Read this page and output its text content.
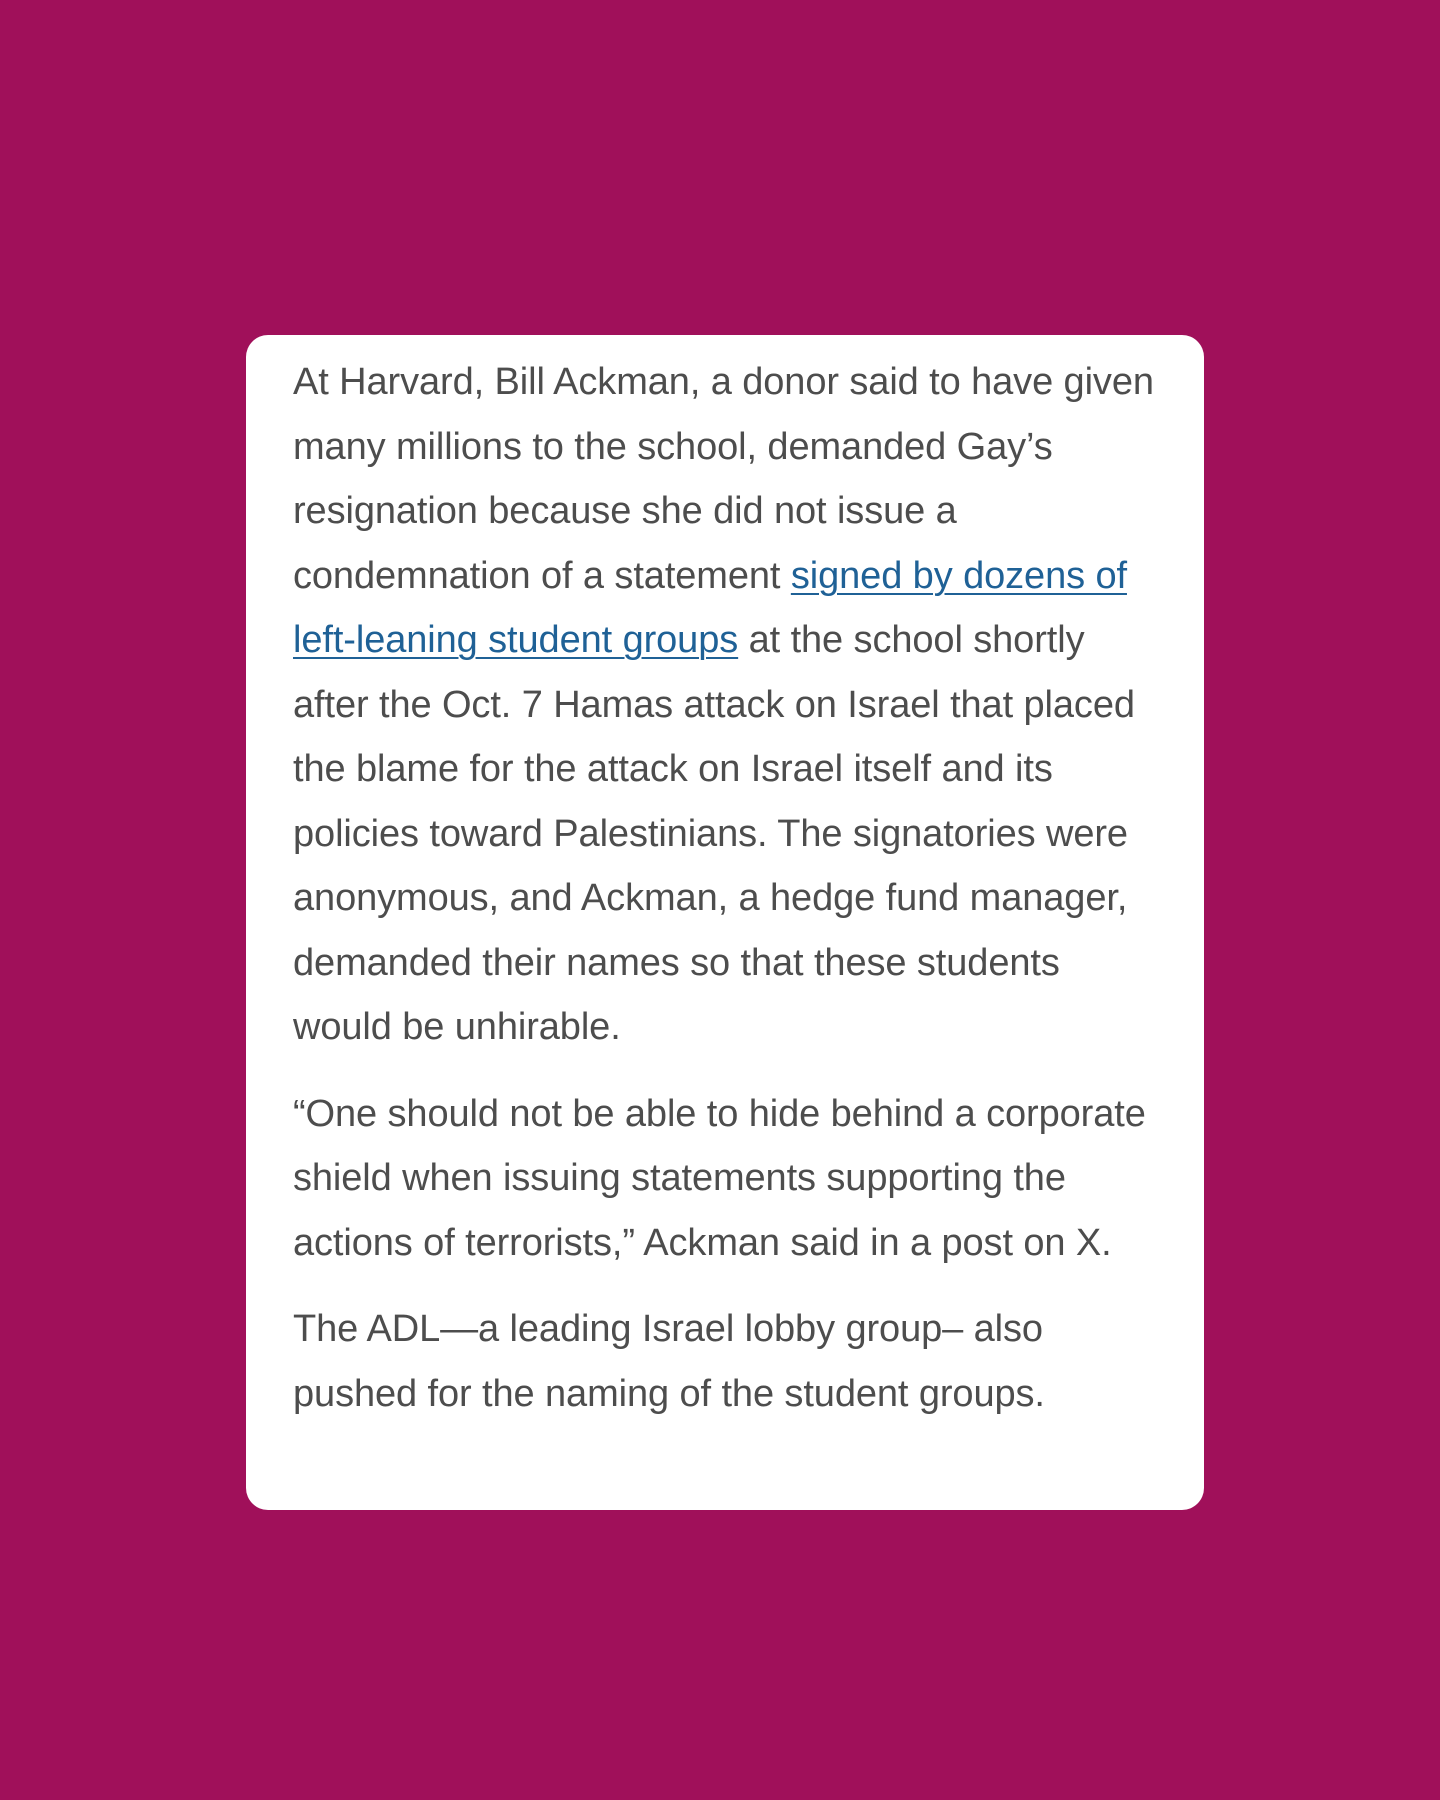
At Harvard, Bill Ackman, a donor said to have given many millions to the school, demanded Gay’s resignation because she did not issue a condemnation of a statement signed by dozens of left-leaning student groups at the school shortly after the Oct. 7 Hamas attack on Israel that placed the blame for the attack on Israel itself and its policies toward Palestinians. The signatories were anonymous, and Ackman, a hedge fund manager, demanded their names so that these students would be unhirable.

“One should not be able to hide behind a corporate shield when issuing statements supporting the actions of terrorists,” Ackman said in a post on X.

The ADL—a leading Israel lobby group– also pushed for the naming of the student groups.
